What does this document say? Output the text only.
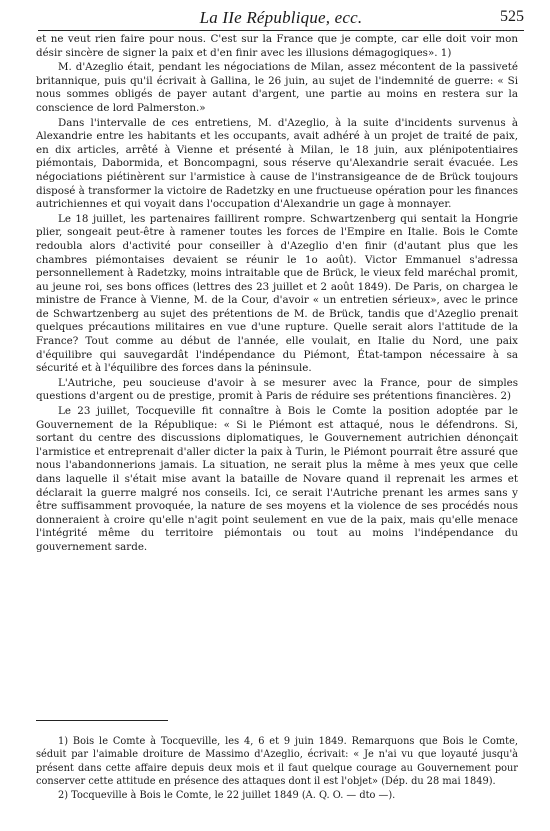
La IIe République, ecc.	525

et ne veut rien faire pour nous. C'est sur la France que je compte, car elle doit voir mon désir sincère de signer la paix et d'en finir avec les illusions démagogiques». 1)

M. d'Azeglio était, pendant les négociations de Milan, assez mécontent de la passiveté britannique, puis qu'il écrivait à Gallina, le 26 juin, au sujet de l'indemnité de guerre: « Si nous sommes obligés de payer autant d'argent, une partie au moins en restera sur la conscience de lord Palmerston.»

Dans l'intervalle de ces entretiens, M. d'Azeglio, à la suite d'incidents survenus à Alexandrie entre les habitants et les occupants, avait adhéré à un projet de traité de paix, en dix articles, arrêté à Vienne et présenté à Milan, le 18 juin, aux plénipotentiaires piémontais, Dabormida, et Boncompagni, sous réserve qu'Alexandrie serait évacuée. Les négociations piétinèrent sur l'armistice à cause de l'instransigeance de de Brück toujours disposé à transformer la victoire de Radetzky en une fructueuse opération pour les finances autrichiennes et qui voyait dans l'occupation d'Alexandrie un gage à monnayer.

Le 18 juillet, les partenaires faillirent rompre. Schwartzenberg qui sentait la Hongrie plier, songeait peut-être à ramener toutes les forces de l'Empire en Italie. Bois le Comte redoubla alors d'activité pour conseiller à d'Azeglio d'en finir (d'autant plus que les chambres piémontaises devaient se réunir le 1o août). Victor Emmanuel s'adressa personnellement à Radetzky, moins intraitable que de Brück, le vieux feld maréchal promit, au jeune roi, ses bons offices (lettres des 23 juillet et 2 août 1849). De Paris, on chargea le ministre de France à Vienne, M. de la Cour, d'avoir « un entretien sérieux», avec le prince de Schwartzenberg au sujet des prétentions de M. de Brück, tandis que d'Azeglio prenait quelques précautions militaires en vue d'une rupture. Quelle serait alors l'attitude de la France? Tout comme au début de l'année, elle voulait, en Italie du Nord, une paix d'équilibre qui sauvegardât l'indépendance du Piémont, État-tampon nécessaire à sa sécurité et à l'équilibre des forces dans la péninsule.

L'Autriche, peu soucieuse d'avoir à se mesurer avec la France, pour de simples questions d'argent ou de prestige, promit à Paris de réduire ses prétentions financières. 2)

Le 23 juillet, Tocqueville fit connaître à Bois le Comte la position adoptée par le Gouvernement de la République: « Si le Piémont est attaqué, nous le défendrons. Si, sortant du centre des discussions diplomatiques, le Gouvernement autrichien dénonçait l'armistice et entreprenait d'aller dicter la paix à Turin, le Piémont pourrait être assuré que nous l'abandonnerions jamais. La situation, ne serait plus la même à mes yeux que celle dans laquelle il s'était mise avant la bataille de Novare quand il reprenait les armes et déclarait la guerre malgré nos conseils. Ici, ce serait l'Autriche prenant les armes sans y être suffisamment provoquée, la nature de ses moyens et la violence de ses procédés nous donneraient à croire qu'elle n'agit point seulement en vue de la paix, mais qu'elle menace l'intégrité même du territoire piémontais ou tout au moins l'indépendance du gouvernement sarde.

1) Bois le Comte à Tocqueville, les 4, 6 et 9 juin 1849. Remarquons que Bois le Comte, séduit par l'aimable droiture de Massimo d'Azeglio, écrivait: « Je n'ai vu que loyauté jusqu'à présent dans cette affaire depuis deux mois et il faut quelque courage au Gouvernement pour conserver cette attitude en présence des attaques dont il est l'objet» (Dép. du 28 mai 1849).

2) Tocqueville à Bois le Comte, le 22 juillet 1849 (A. Q. O. — dto —).
